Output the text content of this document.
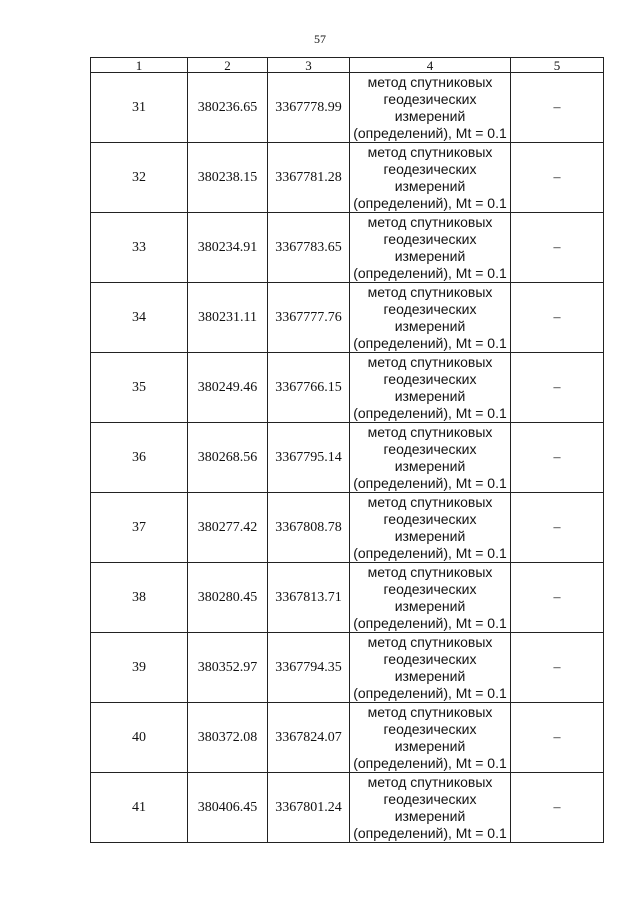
57
1	2	3	4	5
31	380236.65	3367778.99	метод спутниковых
геодезических
измерений
(определений), Mt = 0.1	–
32	380238.15	3367781.28	метод спутниковых
геодезических
измерений
(определений), Mt = 0.1	–
33	380234.91	3367783.65	метод спутниковых
геодезических
измерений
(определений), Mt = 0.1	–
34	380231.11	3367777.76	метод спутниковых
геодезических
измерений
(определений), Mt = 0.1	–
35	380249.46	3367766.15	метод спутниковых
геодезических
измерений
(определений), Mt = 0.1	–
36	380268.56	3367795.14	метод спутниковых
геодезических
измерений
(определений), Mt = 0.1	–
37	380277.42	3367808.78	метод спутниковых
геодезических
измерений
(определений), Mt = 0.1	–
38	380280.45	3367813.71	метод спутниковых
геодезических
измерений
(определений), Mt = 0.1	–
39	380352.97	3367794.35	метод спутниковых
геодезических
измерений
(определений), Mt = 0.1	–
40	380372.08	3367824.07	метод спутниковых
геодезических
измерений
(определений), Mt = 0.1	–
41	380406.45	3367801.24	метод спутниковых
геодезических
измерений
(определений), Mt = 0.1	–
